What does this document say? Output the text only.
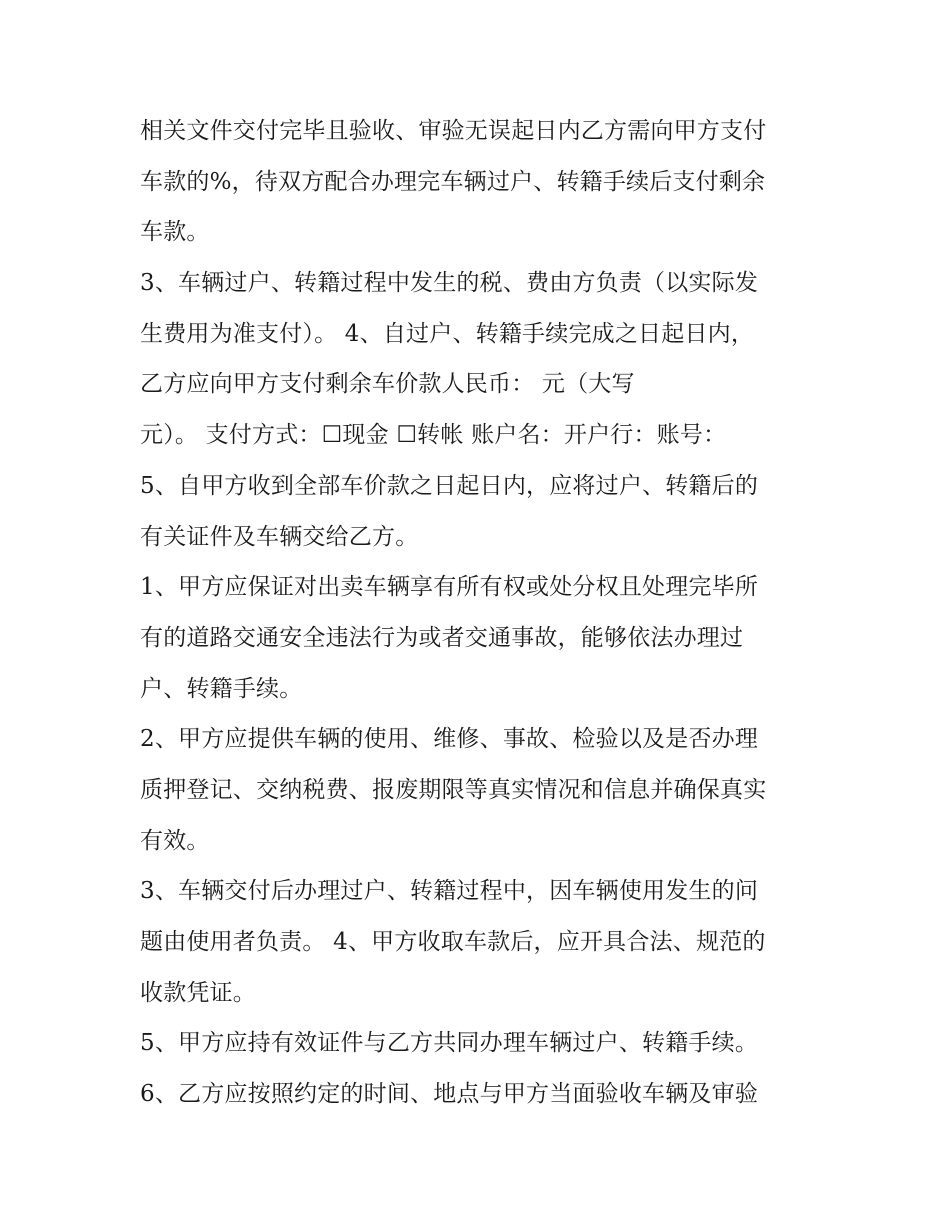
相关文件交付完毕且验收、审验无误起日内乙方需向甲方支付
车款的%，待双方配合办理完车辆过户、转籍手续后支付剩余
车款。
3、车辆过户、转籍过程中发生的税、费由方负责（以实际发
生费用为准支付）。 4、自过户、转籍手续完成之日起日内，
乙方应向甲方支付剩余车价款人民币： 元（大写
元）。 支付方式：☐现金 ☐转帐 账户名：开户行：账号：
5、自甲方收到全部车价款之日起日内，应将过户、转籍后的
有关证件及车辆交给乙方。
1、甲方应保证对出卖车辆享有所有权或处分权且处理完毕所
有的道路交通安全违法行为或者交通事故，能够依法办理过
户、转籍手续。
2、甲方应提供车辆的使用、维修、事故、检验以及是否办理
质押登记、交纳税费、报废期限等真实情况和信息并确保真实
有效。
3、车辆交付后办理过户、转籍过程中，因车辆使用发生的问
题由使用者负责。 4、甲方收取车款后，应开具合法、规范的
收款凭证。
5、甲方应持有效证件与乙方共同办理车辆过户、转籍手续。
6、乙方应按照约定的时间、地点与甲方当面验收车辆及审验
